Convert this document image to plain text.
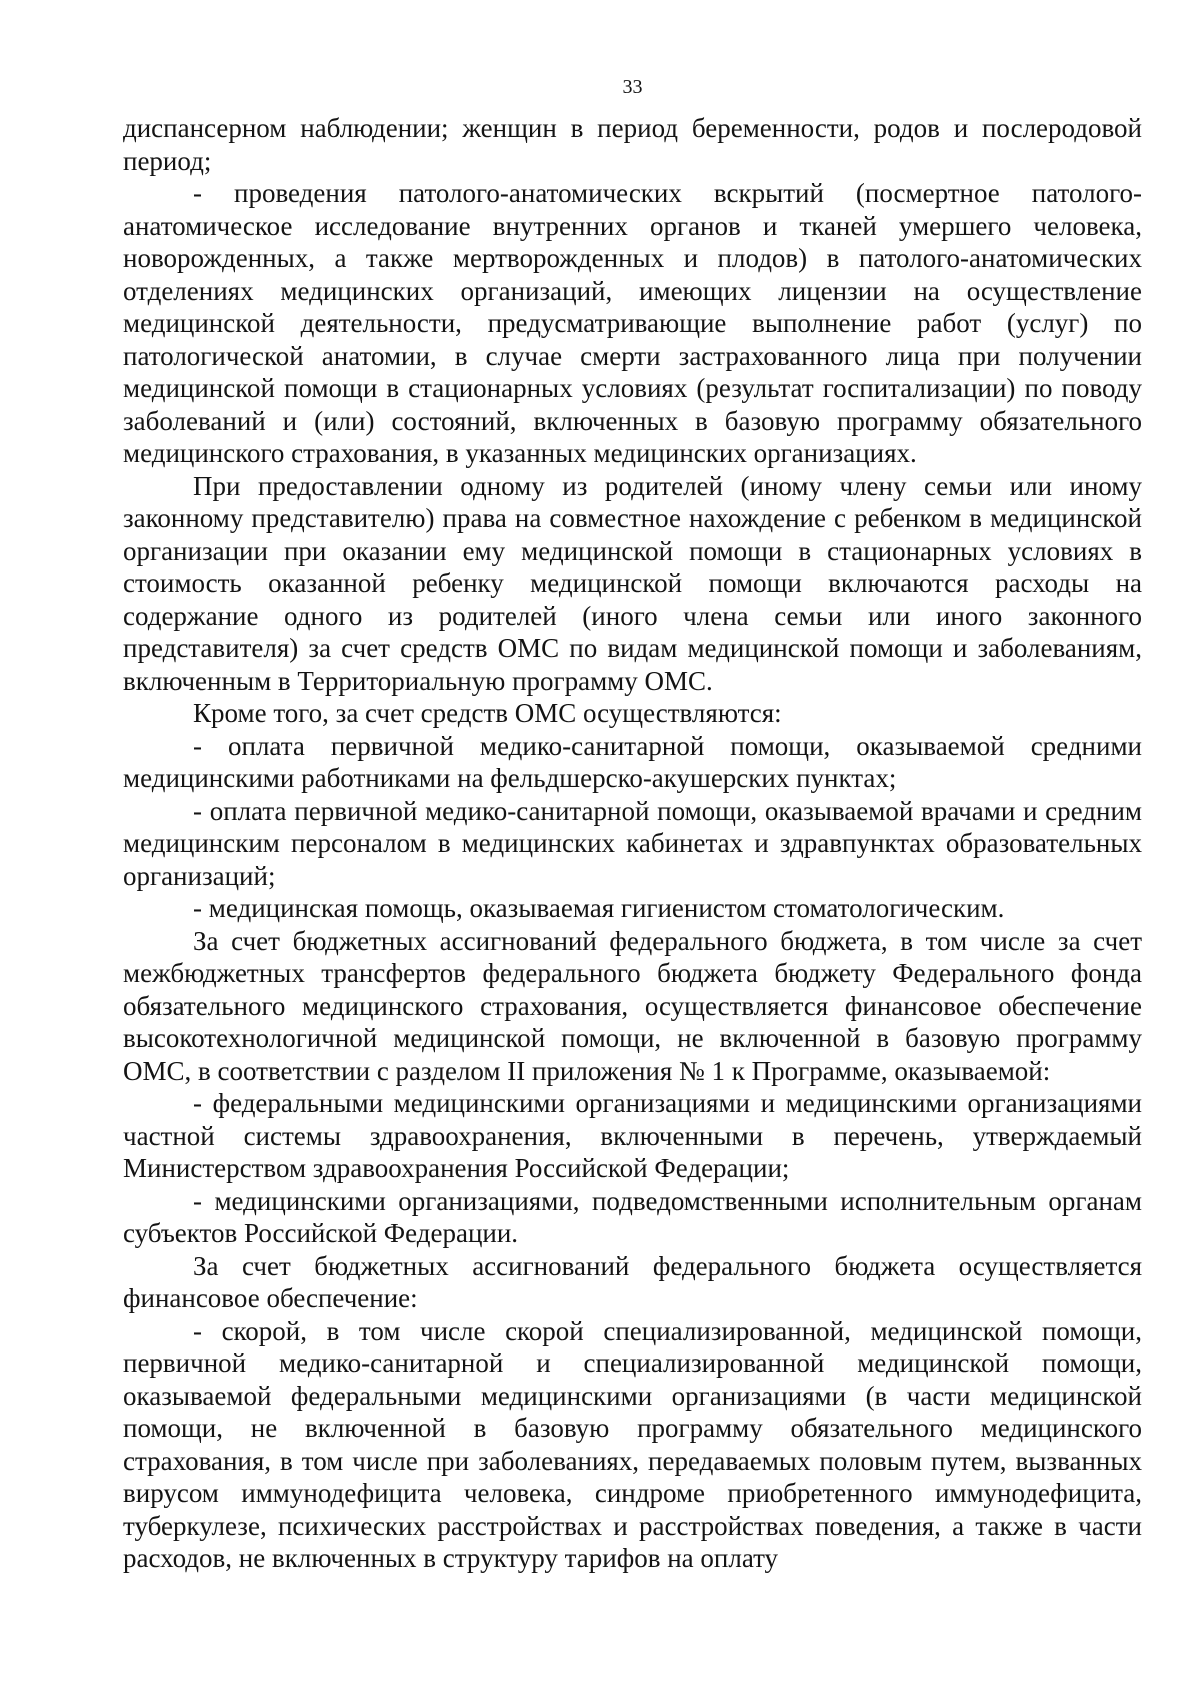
33

диспансерном наблюдении; женщин в период беременности, родов и послеродовой период;

- проведения патолого-анатомических вскрытий (посмертное патолого-анатомическое исследование внутренних органов и тканей умершего человека, новорожденных, а также мертворожденных и плодов) в патолого-анатомических отделениях медицинских организаций, имеющих лицензии на осуществление медицинской деятельности, предусматривающие выполнение работ (услуг) по патологической анатомии, в случае смерти застрахованного лица при получении медицинской помощи в стационарных условиях (результат госпитализации) по поводу заболеваний и (или) состояний, включенных в базовую программу обязательного медицинского страхования, в указанных медицинских организациях.

При предоставлении одному из родителей (иному члену семьи или иному законному представителю) права на совместное нахождение с ребенком в медицинской организации при оказании ему медицинской помощи в стационарных условиях в стоимость оказанной ребенку медицинской помощи включаются расходы на содержание одного из родителей (иного члена семьи или иного законного представителя) за счет средств ОМС по видам медицинской помощи и заболеваниям, включенным в Территориальную программу ОМС.

Кроме того, за счет средств ОМС осуществляются:

- оплата первичной медико-санитарной помощи, оказываемой средними медицинскими работниками на фельдшерско-акушерских пунктах;

- оплата первичной медико-санитарной помощи, оказываемой врачами и средним медицинским персоналом в медицинских кабинетах и здравпунктах образовательных организаций;

- медицинская помощь, оказываемая гигиенистом стоматологическим.

За счет бюджетных ассигнований федерального бюджета, в том числе за счет межбюджетных трансфертов федерального бюджета бюджету Федерального фонда обязательного медицинского страхования, осуществляется финансовое обеспечение высокотехнологичной медицинской помощи, не включенной в базовую программу ОМС, в соответствии с разделом II приложения № 1 к Программе, оказываемой:

- федеральными медицинскими организациями и медицинскими организациями частной системы здравоохранения, включенными в перечень, утверждаемый Министерством здравоохранения Российской Федерации;

- медицинскими организациями, подведомственными исполнительным органам субъектов Российской Федерации.

За счет бюджетных ассигнований федерального бюджета осуществляется финансовое обеспечение:

- скорой, в том числе скорой специализированной, медицинской помощи, первичной медико-санитарной и специализированной медицинской помощи, оказываемой федеральными медицинскими организациями (в части медицинской помощи, не включенной в базовую программу обязательного медицинского страхования, в том числе при заболеваниях, передаваемых половым путем, вызванных вирусом иммунодефицита человека, синдроме приобретенного иммунодефицита, туберкулезе, психических расстройствах и расстройствах поведения, а также в части расходов, не включенных в структуру тарифов на оплату
